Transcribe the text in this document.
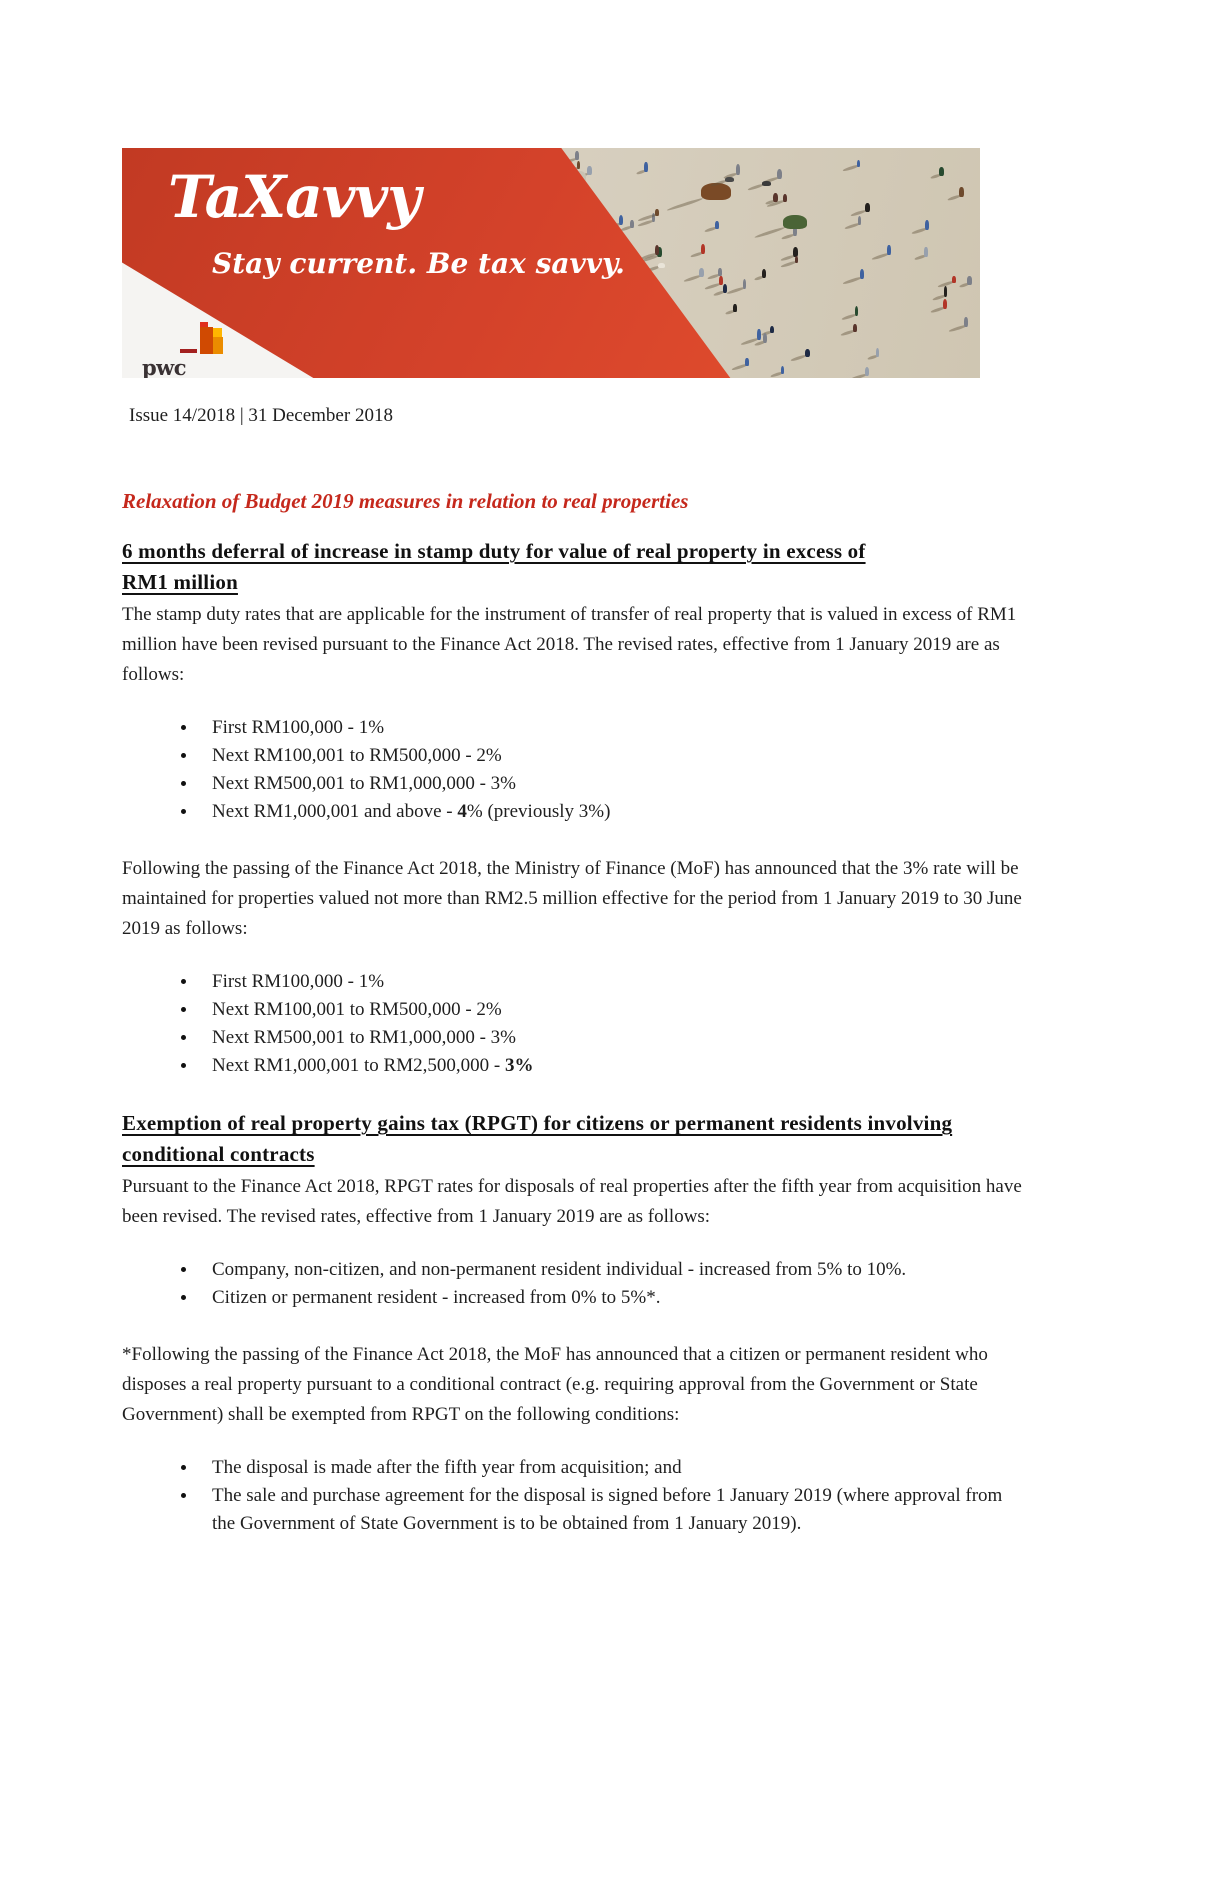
TaXavvy
Stay current. Be tax savvy.
pwc
Issue 14/2018 | 31 December 2018
Relaxation of Budget 2019 measures in relation to real properties
6 months deferral of increase in stamp duty for value of real property in excess of
RM1 million

The stamp duty rates that are applicable for the instrument of transfer of real property that is valued in excess of RM1 million have been revised pursuant to the Finance Act 2018. The revised rates, effective from 1 January 2019 are as follows:

First RM100,000 - 1%
Next RM100,001 to RM500,000 - 2%
Next RM500,001 to RM1,000,000 - 3%
Next RM1,000,001 and above - 4% (previously 3%)

Following the passing of the Finance Act 2018, the Ministry of Finance (MoF) has announced that the 3% rate will be maintained for properties valued not more than RM2.5 million effective for the period from 1 January 2019 to 30 June 2019 as follows:

First RM100,000 - 1%
Next RM100,001 to RM500,000 - 2%
Next RM500,001 to RM1,000,000 - 3%
Next RM1,000,001 to RM2,500,000 - 3%
Exemption of real property gains tax (RPGT) for citizens or permanent residents involving
conditional contracts

Pursuant to the Finance Act 2018, RPGT rates for disposals of real properties after the fifth year from acquisition have been revised. The revised rates, effective from 1 January 2019 are as follows:

Company, non-citizen, and non-permanent resident individual - increased from 5% to 10%.
Citizen or permanent resident - increased from 0% to 5%*.

*Following the passing of the Finance Act 2018, the MoF has announced that a citizen or permanent resident who disposes a real property pursuant to a conditional contract (e.g. requiring approval from the Government or State Government) shall be exempted from RPGT on the following conditions:

The disposal is made after the fifth year from acquisition; and
The sale and purchase agreement for the disposal is signed before 1 January 2019 (where approval from the Government of State Government is to be obtained from 1 January 2019).
